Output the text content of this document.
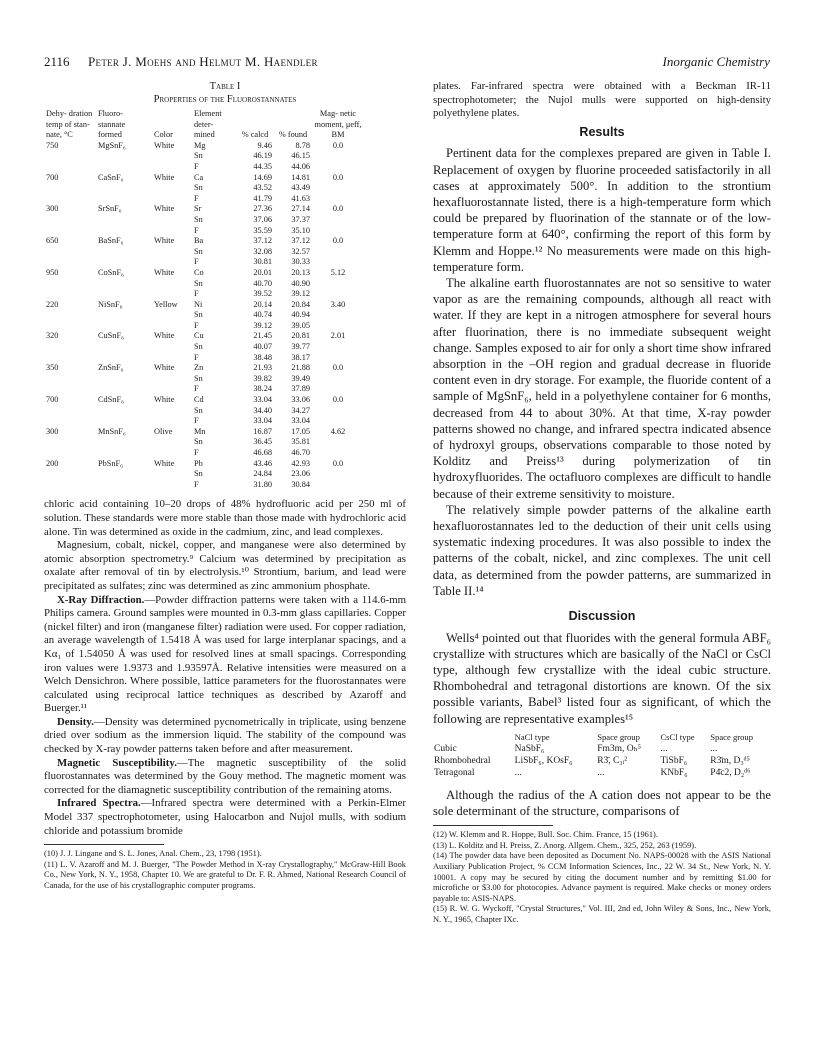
2116 Peter J. Moehs and Helmut M. Haendler	Inorganic Chemistry
Table I
Properties of the Fluorostannates
Dehy- dration temp of stan- nate, °C	Fluoro- stannate formed	Color	Element deter- mined	% calcd	% found	Mag- netic moment, μeff, BM
750	MgSnF₆	White	Mg	9.46	8.78	0.0
			Sn	46.19	46.15	
			F	44.35	44.06	
700	CaSnF₆	White	Ca	14.69	14.81	0.0
			Sn	43.52	43.49	
			F	41.79	41.63	
300	SrSnF₆	White	Sr	27.36	27.14	0.0
			Sn	37.06	37.37	
			F	35.59	35.10	
650	BaSnF₆	White	Ba	37.12	37.12	0.0
			Sn	32.08	32.57	
			F	30.81	30.33	
950	CoSnF₆	White	Co	20.01	20.13	5.12
			Sn	40.70	40.90	
			F	39.52	39.12	
220	NiSnF₆	Yellow	Ni	20.14	20.84	3.40
			Sn	40.74	40.94	
			F	39.12	39.05	
320	CuSnF₆	White	Cu	21.45	20.81	2.01
			Sn	40.07	39.77	
			F	38.48	38.17	
350	ZnSnF₆	White	Zn	21.93	21.88	0.0
			Sn	39.82	39.49	
			F	38.24	37.89	
700	CdSnF₆	White	Cd	33.04	33.06	0.0
			Sn	34.40	34.27	
			F	33.04	33.04	
300	MnSnF₆	Olive	Mn	16.87	17.05	4.62
			Sn	36.45	35.81	
			F	46.68	46.70	
200	PbSnF₆	White	Pb	43.46	42.93	0.0
			Sn	24.84	23.06	
			F	31.80	30.84	

chloric acid containing 10–20 drops of 48% hydrofluoric acid per 250 ml of solution. These standards were more stable than those made with hydrochloric acid alone. Tin was determined as oxide in the cadmium, zinc, and lead complexes.

Magnesium, cobalt, nickel, copper, and manganese were also determined by atomic absorption spectrometry.⁹ Calcium was determined by precipitation as oxalate after removal of tin by electrolysis.¹⁰ Strontium, barium, and lead were precipitated as sulfates; zinc was determined as zinc ammonium phosphate.

X-Ray Diffraction.—Powder diffraction patterns were taken with a 114.6-mm Philips camera. Ground samples were mounted in 0.3-mm glass capillaries. Copper (nickel filter) and iron (manganese filter) radiation were used. For copper radiation, an average wavelength of 1.5418 Å was used for large interplanar spacings, and a Kα₁ of 1.54050 Å was used for resolved lines at small spacings. Corresponding iron values were 1.9373 and 1.93597Å. Relative intensities were measured on a Welch Densichron. Where possible, lattice parameters for the fluorostannates were calculated using reciprocal lattice techniques as described by Azaroff and Buerger.¹¹

Density.—Density was determined pycnometrically in triplicate, using benzene dried over sodium as the immersion liquid. The stability of the compound was checked by X-ray powder patterns taken before and after measurement.

Magnetic Susceptibility.—The magnetic susceptibility of the solid fluorostannates was determined by the Gouy method. The magnetic moment was corrected for the diamagnetic susceptibility contribution of the remaining atoms.

Infrared Spectra.—Infrared spectra were determined with a Perkin-Elmer Model 337 spectrophotometer, using Halocarbon and Nujol mulls, with sodium chloride and potassium bromide

(10) J. J. Lingane and S. L. Jones, Anal. Chem., 23, 1798 (1951).

(11) L. V. Azaroff and M. J. Buerger, "The Powder Method in X-ray Crystallography," McGraw-Hill Book Co., New York, N. Y., 1958, Chapter 10. We are grateful to Dr. F. R. Ahmed, National Research Council of Canada, for the use of his crystallographic computer programs.

plates. Far-infrared spectra were obtained with a Beckman IR-11 spectrophotometer; the Nujol mulls were supported on high-density polyethylene plates.

Results

Pertinent data for the complexes prepared are given in Table I. Replacement of oxygen by fluorine proceeded satisfactorily in all cases at approximately 500°. In addition to the strontium hexafluorostannate listed, there is a high-temperature form which could be prepared by fluorination of the stannate or of the low-temperature form at 640°, confirming the report of this form by Klemm and Hoppe.¹² No measurements were made on this high-temperature form.

The alkaline earth fluorostannates are not so sensitive to water vapor as are the remaining compounds, although all react with water. If they are kept in a nitrogen atmosphere for several hours after fluorination, there is no immediate subsequent weight change. Samples exposed to air for only a short time show infrared absorption in the –OH region and gradual decrease in fluoride content even in dry storage. For example, the fluoride content of a sample of MgSnF₆, held in a polyethylene container for 6 months, decreased from 44 to about 30%. At that time, X-ray powder patterns showed no change, and infrared spectra indicated absence of hydroxyl groups, observations comparable to those noted by Kolditz and Preiss¹³ during polymerization of tin hydroxyfluorides. The octafluoro complexes are difficult to handle because of their extreme sensitivity to moisture.

The relatively simple powder patterns of the alkaline earth hexafluorostannates led to the deduction of their unit cells using systematic indexing procedures. It was also possible to index the patterns of the cobalt, nickel, and zinc complexes. The unit cell data, as determined from the powder patterns, are summarized in Table II.¹⁴

Discussion

Wells⁴ pointed out that fluorides with the general formula ABF₆ crystallize with structures which are basically of the NaCl or CsCl type, although few crystallize with the ideal cubic structure. Rhombohedral and tetragonal distortions are known. Of the six possible variants, Babel³ listed four as significant, of which the following are representative examples¹⁵

	NaCl type	Space group	CsCl type	Space group
Cubic	NaSbF₆	Fm3m, Oₕ⁵	...	...
Rhombohedral	LiSbF₆, KOsF₆	R3̄, C₃ᵢ²	TiSbF₆	R3̄m, D₃ᵈ⁵
Tetragonal	...	...	KNbF₆	P4̄c2, D₂ᵈ⁶

Although the radius of the A cation does not appear to be the sole determinant of the structure, comparisons of

(12) W. Klemm and R. Hoppe, Bull. Soc. Chim. France, 15 (1961).

(13) L. Kolditz and H. Preiss, Z. Anorg. Allgem. Chem., 325, 252, 263 (1959).

(14) The powder data have been deposited as Document No. NAPS-00028 with the ASIS National Auxiliary Publication Project, % CCM Information Sciences, Inc., 22 W. 34 St., New York, N. Y. 10001. A copy may be secured by citing the document number and by remitting $1.00 for microfiche or $3.00 for photocopies. Advance payment is required. Make checks or money orders payable to: ASIS-NAPS.

(15) R. W. G. Wyckoff, "Crystal Structures," Vol. III, 2nd ed, John Wiley & Sons, Inc., New York, N. Y., 1965, Chapter IXc.
